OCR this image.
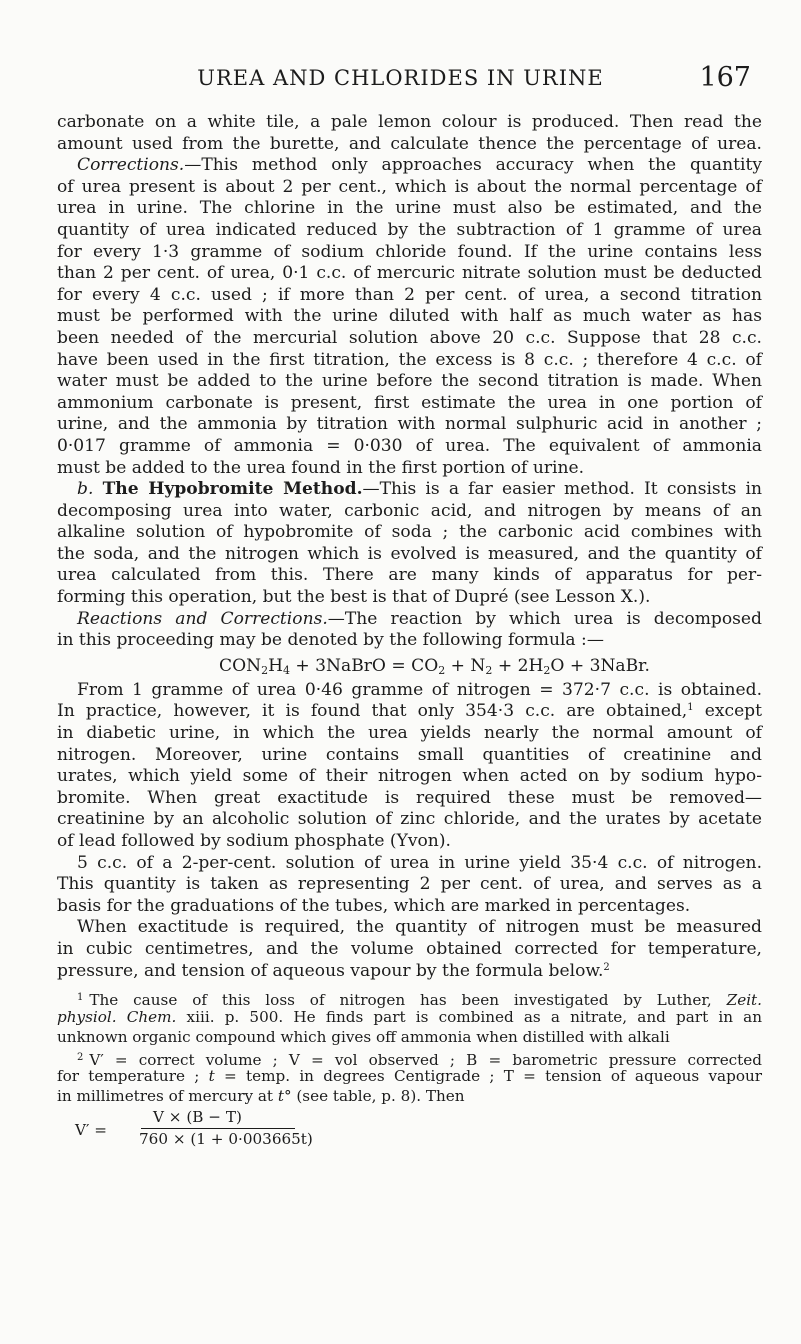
UREA AND CHLORIDES IN URINE	167
carbonate on a white tile, a pale lemon colour is produced. Then read the
amount used from the burette, and calculate thence the percentage of urea.
Corrections.—This method only approaches accuracy when the quantity
of urea present is about 2 per cent., which is about the normal percentage of
urea in urine. The chlorine in the urine must also be estimated, and the
quantity of urea indicated reduced by the subtraction of 1 gramme of urea
for every 1·3 gramme of sodium chloride found. If the urine contains less
than 2 per cent. of urea, 0·1 c.c. of mercuric nitrate solution must be deducted
for every 4 c.c. used ; if more than 2 per cent. of urea, a second titration
must be performed with the urine diluted with half as much water as has
been needed of the mercurial solution above 20 c.c. Suppose that 28 c.c.
have been used in the first titration, the excess is 8 c.c. ; therefore 4 c.c. of
water must be added to the urine before the second titration is made. When
ammonium carbonate is present, first estimate the urea in one portion of
urine, and the ammonia by titration with normal sulphuric acid in another ;
0·017 gramme of ammonia = 0·030 of urea. The equivalent of ammonia
must be added to the urea found in the first portion of urine.
b. The Hypobromite Method.—This is a far easier method. It consists in
decomposing urea into water, carbonic acid, and nitrogen by means of an
alkaline solution of hypobromite of soda ; the carbonic acid combines with
the soda, and the nitrogen which is evolved is measured, and the quantity of
urea calculated from this. There are many kinds of apparatus for per-
forming this operation, but the best is that of Dupré (see Lesson X.).
Reactions and Corrections.—The reaction by which urea is decomposed
in this proceeding may be denoted by the following formula :—
$CON_2H_4$ + 3NaBrO = $CO_2 + N_2 + 2H_2O$ + 3NaBr.
From 1 gramme of urea 0·46 gramme of nitrogen = 372·7 c.c. is obtained.
In practice, however, it is found that only 354·3 c.c. are obtained,$^1$ except
in diabetic urine, in which the urea yields nearly the normal amount of
nitrogen. Moreover, urine contains small quantities of creatinine and
urates, which yield some of their nitrogen when acted on by sodium hypo-
bromite. When great exactitude is required these must be removed—
creatinine by an alcoholic solution of zinc chloride, and the urates by acetate
of lead followed by sodium phosphate (Yvon).
5 c.c. of a 2-per-cent. solution of urea in urine yield 35·4 c.c. of nitrogen.
This quantity is taken as representing 2 per cent. of urea, and serves as a
basis for the graduations of the tubes, which are marked in percentages.
When exactitude is required, the quantity of nitrogen must be measured
in cubic centimetres, and the volume obtained corrected for temperature,
pressure, and tension of aqueous vapour by the formula below.$^2$
$^1$ The cause of this loss of nitrogen has been investigated by Luther, Zeit.
physiol. Chem. xiii. p. 500. He finds part is combined as a nitrate, and part in an
unknown organic compound which gives off ammonia when distilled with alkali
$^2$ V′ = correct volume ; V = vol observed ; B = barometric pressure corrected
for temperature ; t = temp. in degrees Centigrade ; T = tension of aqueous vapour
in millimetres of mercury at t° (see table, p. 8). Then
V′ =
V × (B − T)
760 × (1 + 0·003665t)
